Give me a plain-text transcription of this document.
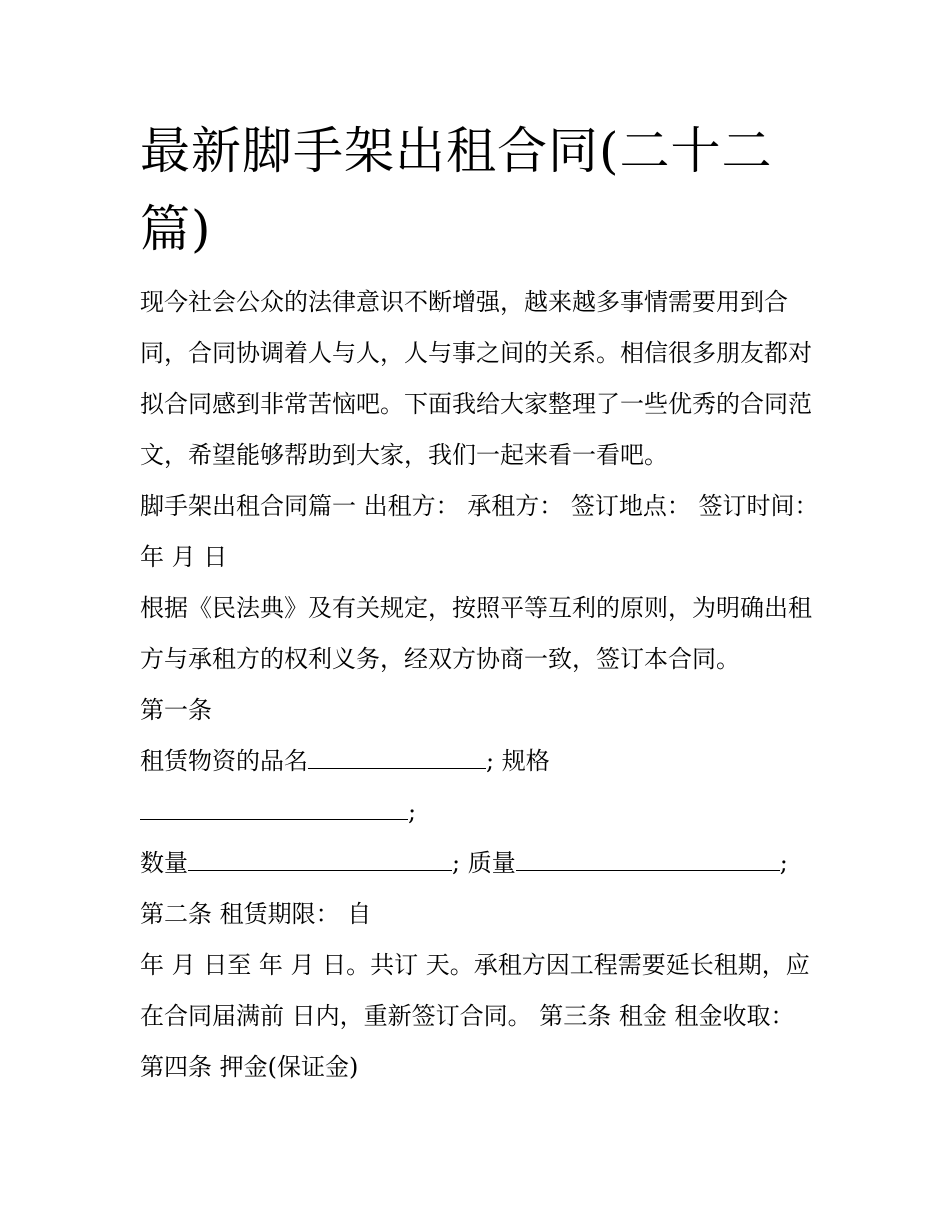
最新脚手架出租合同(二十二篇)

现今社会公众的法律意识不断增强，越来越多事情需要用到合同，合同协调着人与人，人与事之间的关系。相信很多朋友都对拟合同感到非常苦恼吧。下面我给大家整理了一些优秀的合同范文，希望能够帮助到大家，我们一起来看一看吧。

脚手架出租合同篇一 出租方： 承租方： 签订地点： 签订时间： 年 月 日

根据《民法典》及有关规定，按照平等互利的原则，为明确出租方与承租方的权利义务，经双方协商一致，签订本合同。

第一条

租赁物资的品名	; 规格

;

数量	; 质量	;

第二条 租赁期限： 自

年 月 日至 年 月 日。共订 天。承租方因工程需要延长租期，应在合同届满前 日内，重新签订合同。 第三条 租金 租金收取： 第四条 押金(保证金)
